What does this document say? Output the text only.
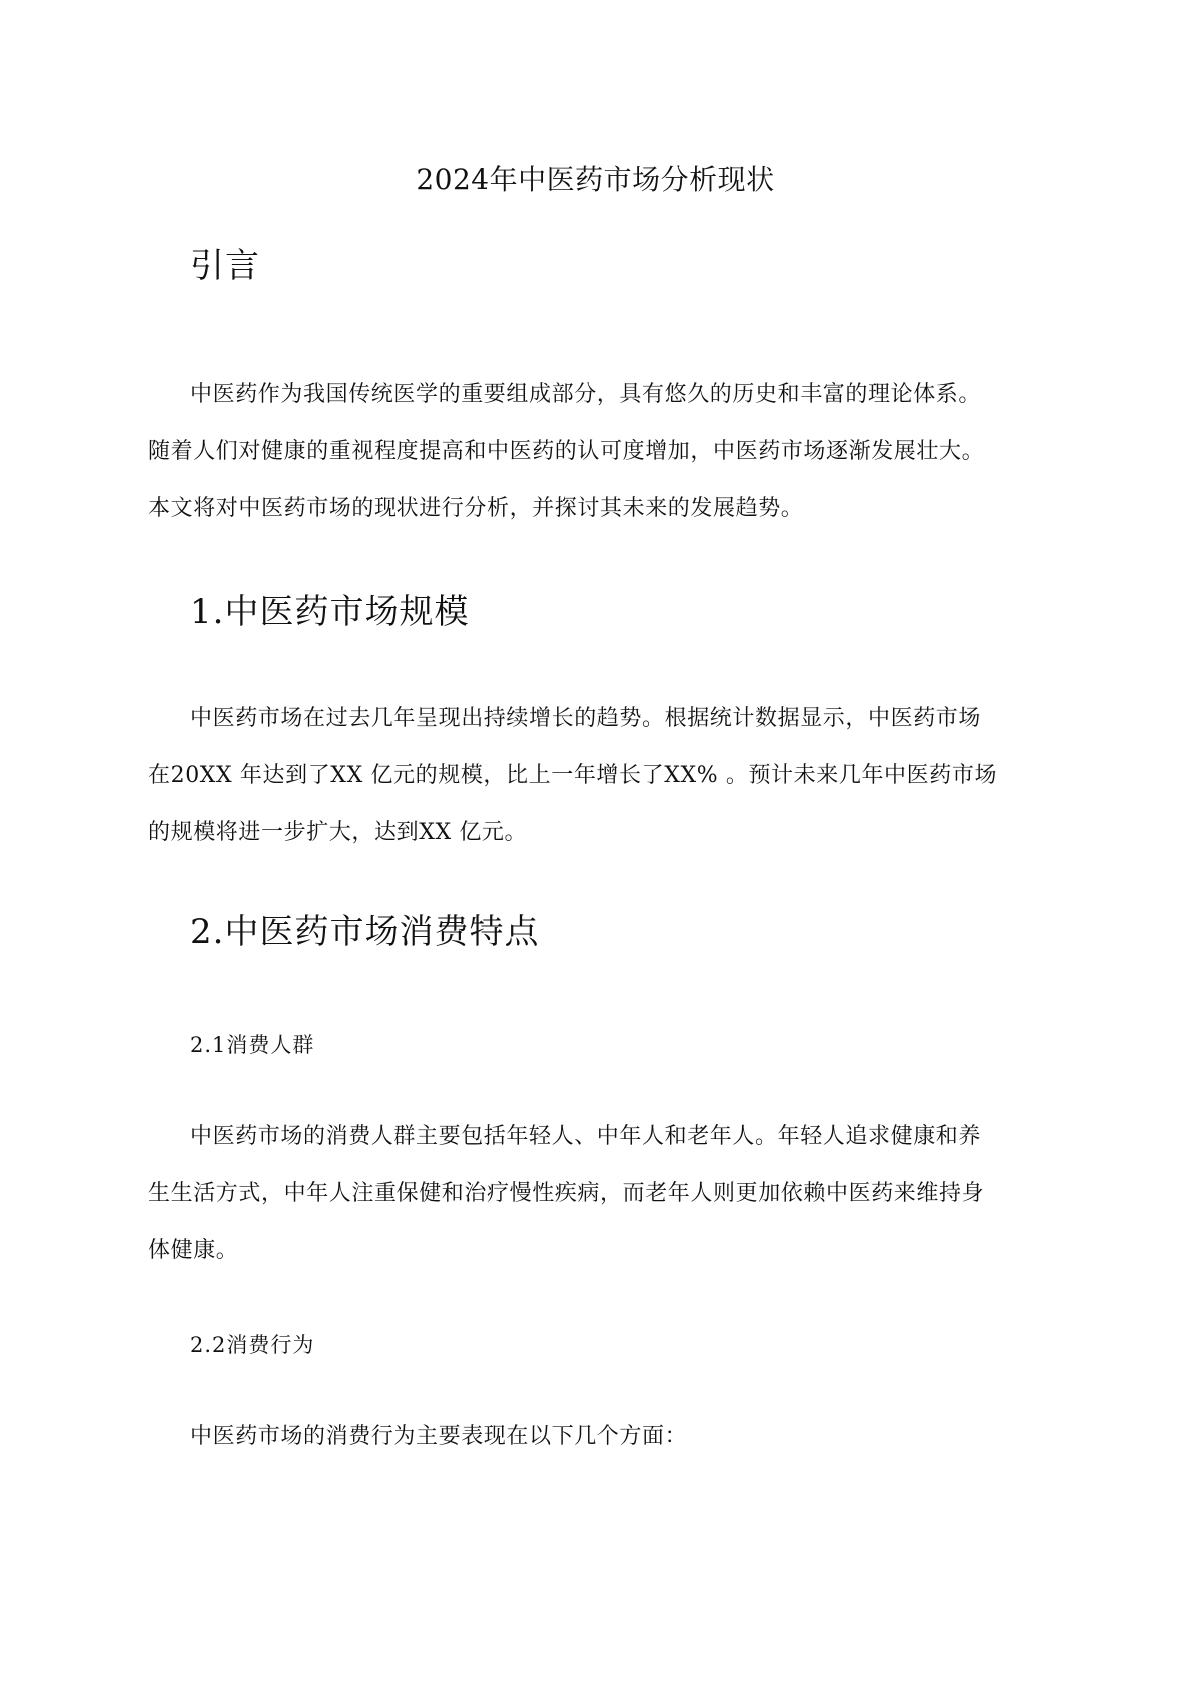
2024年中医药市场分析现状
引言
中医药作为我国传统医学的重要组成部分，具有悠久的历史和丰富的理论体系。
随着人们对健康的重视程度提高和中医药的认可度增加，中医药市场逐渐发展壮大。
本文将对中医药市场的现状进行分析，并探讨其未来的发展趋势。
1.中医药市场规模
中医药市场在过去几年呈现出持续增长的趋势。根据统计数据显示，中医药市场
在20XX 年达到了XX 亿元的规模，比上一年增长了XX% 。预计未来几年中医药市场
的规模将进一步扩大，达到XX 亿元。
2.中医药市场消费特点
2.1消费人群
中医药市场的消费人群主要包括年轻人、中年人和老年人。年轻人追求健康和养
生生活方式，中年人注重保健和治疗慢性疾病，而老年人则更加依赖中医药来维持身
体健康。
2.2消费行为
中医药市场的消费行为主要表现在以下几个方面：
